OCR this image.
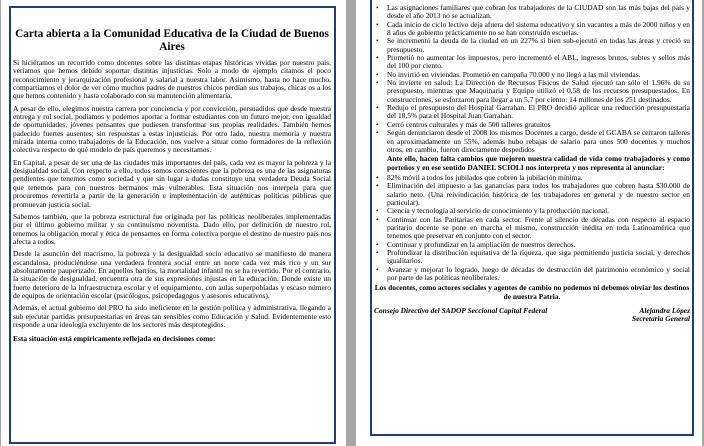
Carta abierta a la Comunidad Educativa de la Ciudad de Buenos Aires

Si hiciéramos un recorrido como docentes sobre las distintas etapas históricas vividas por nuestro país, veríamos que hemos debido soportar distintas injusticias. Solo a modo de ejemplo citamos el poco reconocimiento y jerarquización profesional y salarial a nuestra labor. Asimismo, hasta no hace mucho, compartíamos el dolor de ver cómo muchos padres de nuestros chicos perdían sus trabajos, chicas os a los que hemos contenido y hasta colaborado con su manutención alimentaria.

A pesar de ello, elegimos nuestra carrera por conciencia y por convicción, persuadidos que desde nuestra entrega y rol social, podíamos y podemos aportar a formar estudiantes con un futuro mejor, con igualdad de oportunidades, jóvenes pensantes que pudiesen transformar sus propias realidades. También hemos padecido fuertes ausentes; sin respuestas a estas injusticias. Por otro lado, nuestra memoria y nuestra mirada interna como trabajadores de la Educación, nos vuelve a situar como formadores de la reflexión colectiva respecto de qué modelo de país queremos y necesitamos.

En Capital, a pesar de ser una de las ciudades más importantes del país, cada vez es mayor la pobreza y la desigualdad social. Con respecto a ello, todos somos conscientes que la pobreza es una de las asignaturas pendientes que tenemos como sociedad y que sin lugar a dudas constituye una verdadera Deuda Social que tenemos para con nuestros hermanos más vulnerables. Esta situación nos interpela para que procuremos revertirla a partir de la generación e implementación de auténticas políticas públicas que promuevan justicia social.

Sabemos también, que la pobreza estructural fue originada por las políticas neoliberales implementadas por el último gobierno militar y su continuismo noventista. Dado ello, por definición de nuestro rol, tenemos la obligación moral y ética de pensarnos en forma colectiva porque el destino de nuestro país nos afecta a todos.

Desde la asunción del macrismo, la pobreza y la desigualdad socio educativo se manifiesto de manera escandalosa, produciéndose una verdadera frontera social entre un norte cada vez más rico y un sur absolutamente pauperizado. En aquellos barrios, la mortalidad infantil no se ha revertido. Por el contrario, la situación de desigualdad, encuentra otra de sus expresiones injustas en la educación. Donde existe un fuerte deterioro de la infraestructura escolar y el equipamiento, con aulas superpobladas y escaso número de equipos de orientación escolar (psicólogos, psicopedagogos y asesores educativos).

Además, el actual gobierno del PRO ha sido ineficiente en la gestión política y administrativa, llegando a sub ejecutar partidas presupuestarias en áreas tan sensibles como Educación y Salud. Evidentemente esto responde a una ideología excluyente de los sectores más desprotegidos.

Esta situación está empíricamente reflejada en decisiones como:

• Las asignaciones familiares que cobran los trabajadores de la CIUDAD son las más bajas del país y desde el año 2013 no se actualizan.
• Cada inicio de ciclo lectivo deja afuera del sistema educativo y sin vacantes a más de 2000 niños y en 8 años de gobierno prácticamente no se han construido escuelas.
• Se incrementó la deuda de la ciudad en un 227% si bien sub-ejecutó en todas las áreas y creció su presupuesto.
• Prometió no aumentar los impuestos, pero incrementó el ABL, ingresos brutos, subtes y sellos más del 100 por ciento.
• No invirtió en viviendas. Prometió en campaña 70.000 y no llegó a las mil viviendas.
• No invierte en salud: La Dirección de Recursos Físicos de Salud ejecutó tan sólo el 1,96% de su presupuesto, mientras que Maquinaria y Equipo utilizó el 0,58 de los recursos presupuestados. En construcciones, se esforzaron para llegar a un 5,7 por ciento: 14 millones de los 251 destinados.
• Redujo el presupuesto del Hospital Garrahan. El PRO decidió aplicar una reducción presupuestaria del 18,5% para el Hospital Juan Garrahan.
• Cerró centros culturales y más de 500 talleres gratuitos
• Según denunciaron desde el 2008 los mismos Docentes a cargo, desde el GCABA se cerraron talleres en aproximadamente un 55%, además hubo rebajas de salario para unos 500 docentes y muchos otros, en cambio, fueron directamente despedidos
Ante ello, hacen falta cambios que mejoren nuestra calidad de vida como trabajadores y como porteños y en ese sentido DANIEL SCIOLI nos interpreta y nos representa al anunciar:
• 82% móvil a todos los jubilados que cobren la jubilación mínima.
• Eliminación del impuesto a las ganancias para todos los trabajadores que cobren hasta $30.000 de salario neto. (Una reivindicación histórica de los trabajadores en general y de nuestro sector en particular).
• Ciencia y tecnología al servicio de conocimiento y la producción nacional.
• Continuar con las Paritarias en cada sector. Frente al silencio de décadas con respecto al espacio paritario docente se pone en marcha el mismo, construcción inédita en toda Latinoamérica que tenemos que preservar en conjunto con el sector.
• Continuar y profundizar en la ampliación de nuestros derechos.
• Profundizar la distribución equitativa de la riqueza, que siga permitiendo justicia social, y derechos igualitarios.
• Avanzar y mejorar lo logrado, luego de décadas de destrucción del patrimonio económico y social por parte de las políticas neoliberales.

Los docentes, como actores sociales y agentes de cambio no podemos ni debemos obviar los destinos de nuestra Patria.

Consejo Directivo del SADOP Seccional Capital Federal	Alejandra López
Secretaria General
